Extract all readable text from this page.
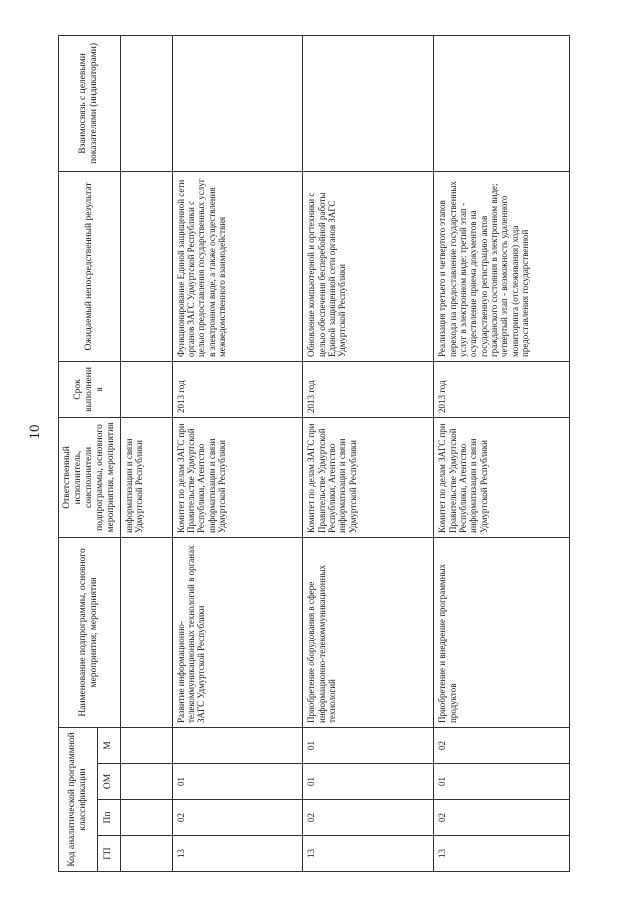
10
Код аналитической программной классификации				Наименование подпрограммы, основного мероприятия, мероприятия	Ответственный исполнитель, соисполнители подпрограммы, основного мероприятия, мероприятия	Срок выполнения	Ожидаемый непосредственный результат	Взаимосвязь с целевыми показателями (индикаторами)
ГП	Пп	ОМ	М					
					информатизации и связи Удмуртской Республики			
13	02	01		Развитие информационно-телекоммуникационных технологий в органах ЗАГС Удмуртской Республики	Комитет по делам ЗАГС при Правительстве Удмуртской Республики, Агентство информатизации и связи Удмуртской Республики	2013 год	Функционирование Единой защищенной сети органов ЗАГС Удмуртской Республики с целью предоставления государственных услуг в электронном виде, а также осуществления межведомственного взаимодействия	
13	02	01	01	Приобретение оборудования в сфере информационно-телекоммуникационных технологий	Комитет по делам ЗАГС при Правительстве Удмуртской Республики, Агентство информатизации и связи Удмуртской Республики	2013 год	Обновление компьютерной и оргтехники с целью обеспечения бесперебойной работы Единой защищенной сети органов ЗАГС Удмуртской Республики	
13	02	01	02	Приобретение и внедрение программных продуктов	Комитет по делам ЗАГС при Правительстве Удмуртской Республики, Агентство информатизации и связи Удмуртской Республики	2013 год	Реализация третьего и четвертого этапов перехода на предоставление государственных услуг в электронном виде: третий этап - осуществление приема документов на государственную регистрацию актов гражданского состояния в электронном виде; четвертый этап - возможность удаленного мониторинга (отслеживания) хода предоставления государственной	
